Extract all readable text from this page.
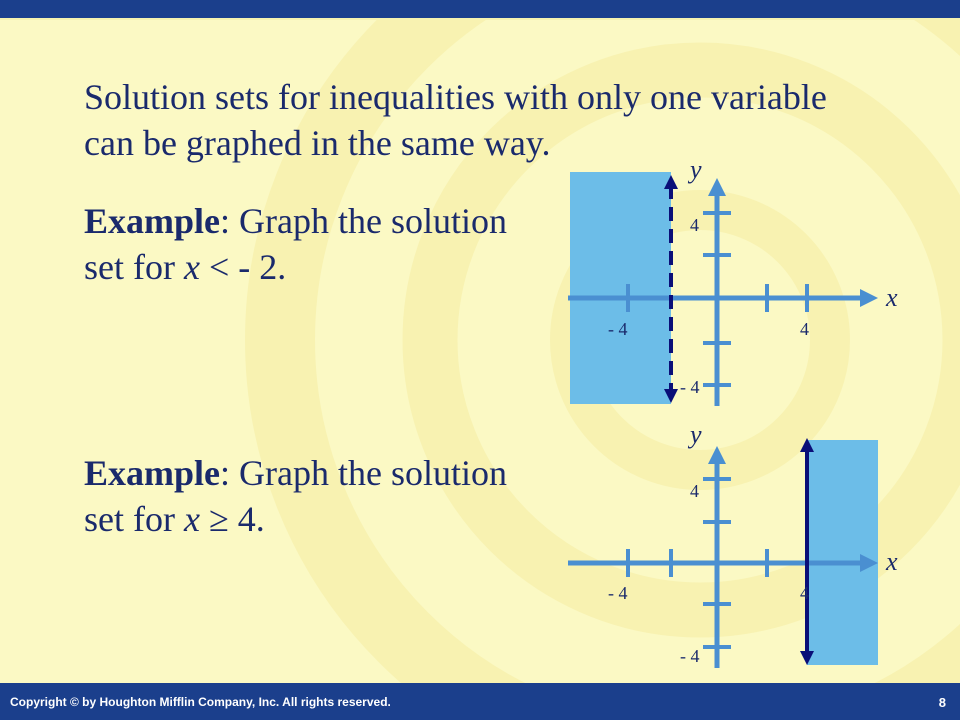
Solution sets for inequalities with only one variable
can be graphed in the same way.
Example: Graph the solution
set for x < - 2.
Example: Graph the solution
set for x ≥ 4.
x
y
4
- 4	4
- 4
x
y
4
- 4	4
- 4
Copyright © by Houghton Mifflin Company, Inc. All rights reserved.	8
